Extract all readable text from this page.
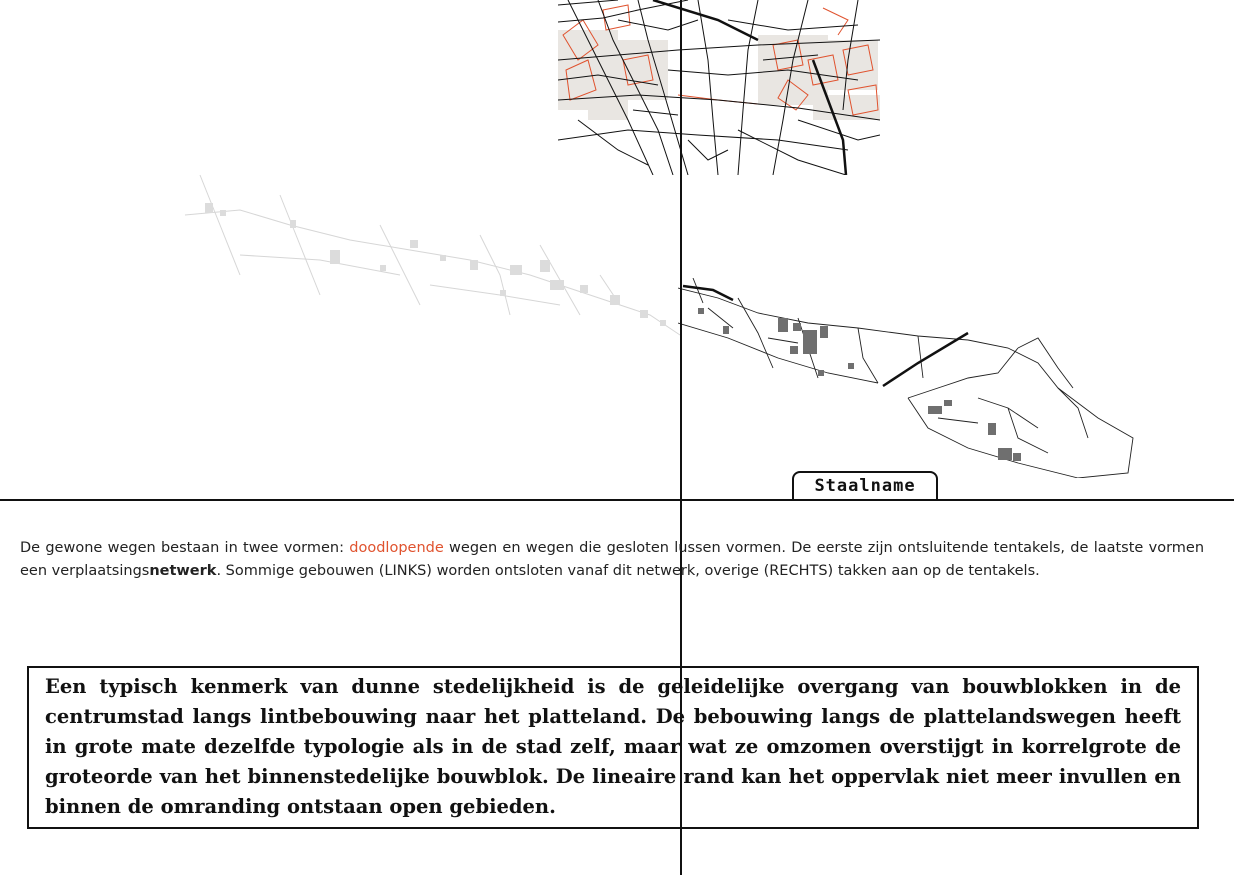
Staalname
De gewone wegen bestaan in twee vormen: doodlopende wegen en wegen die gesloten lussen vormen. De eerste zijn ontsluitende tentakels, de laatste vormen een verplaatsingsnetwerk. Sommige gebouwen (LINKS) worden ontsloten vanaf dit netwerk, overige (RECHTS) takken aan op de tentakels.

Een typisch kenmerk van dunne stedelijkheid is de geleidelijke overgang van bouwblokken in de centrumstad langs lintbebouwing naar het platteland. De bebouwing langs de plattelandswegen heeft in grote mate dezelfde typologie als in de stad zelf, maar wat ze omzomen overstijgt in korrelgrote de groteorde van het binnenstedelijke bouwblok. De lineaire rand kan het oppervlak niet meer invullen en binnen de omranding ontstaan open gebieden.
